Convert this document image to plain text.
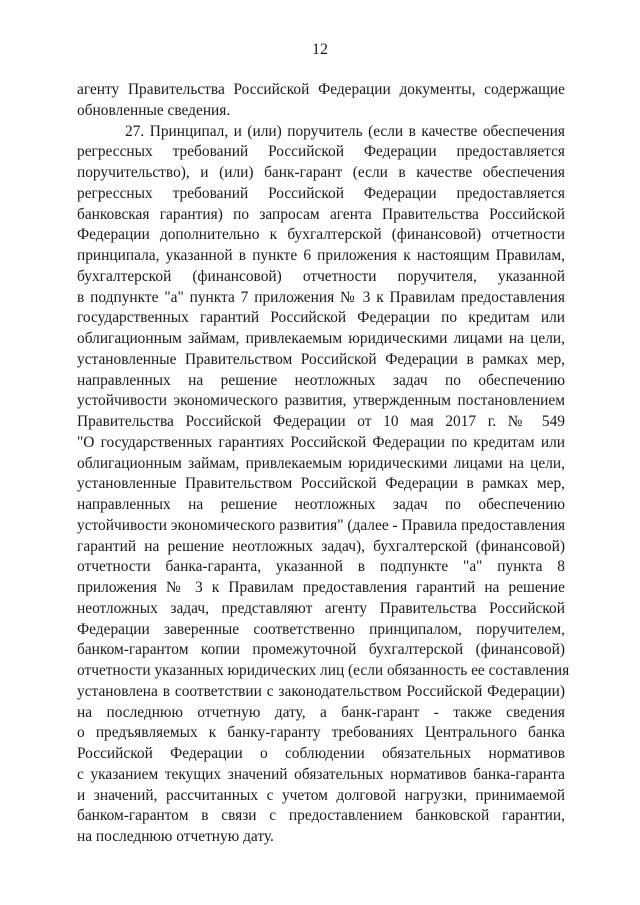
12
агенту Правительства Российской Федерации документы, содержащие
обновленные сведения.
27. Принципал, и (или) поручитель (если в качестве обеспечения
регрессных требований Российской Федерации предоставляется
поручительство), и (или) банк-гарант (если в качестве обеспечения
регрессных требований Российской Федерации предоставляется
банковская гарантия) по запросам агента Правительства Российской
Федерации дополнительно к бухгалтерской (финансовой) отчетности
принципала, указанной в пункте 6 приложения к настоящим Правилам,
бухгалтерской (финансовой) отчетности поручителя, указанной
в подпункте "а" пункта 7 приложения № 3 к Правилам предоставления
государственных гарантий Российской Федерации по кредитам или
облигационным займам, привлекаемым юридическими лицами на цели,
установленные Правительством Российской Федерации в рамках мер,
направленных на решение неотложных задач по обеспечению
устойчивости экономического развития, утвержденным постановлением
Правительства Российской Федерации от 10 мая 2017 г. № 549
"О государственных гарантиях Российской Федерации по кредитам или
облигационным займам, привлекаемым юридическими лицами на цели,
установленные Правительством Российской Федерации в рамках мер,
направленных на решение неотложных задач по обеспечению
устойчивости экономического развития" (далее - Правила предоставления
гарантий на решение неотложных задач), бухгалтерской (финансовой)
отчетности банка-гаранта, указанной в подпункте "а" пункта 8
приложения № 3 к Правилам предоставления гарантий на решение
неотложных задач, представляют агенту Правительства Российской
Федерации заверенные соответственно принципалом, поручителем,
банком-гарантом копии промежуточной бухгалтерской (финансовой)
отчетности указанных юридических лиц (если обязанность ее составления
установлена в соответствии с законодательством Российской Федерации)
на последнюю отчетную дату, а банк-гарант - также сведения
о предъявляемых к банку-гаранту требованиях Центрального банка
Российской Федерации о соблюдении обязательных нормативов
с указанием текущих значений обязательных нормативов банка-гаранта
и значений, рассчитанных с учетом долговой нагрузки, принимаемой
банком-гарантом в связи с предоставлением банковской гарантии,
на последнюю отчетную дату.
